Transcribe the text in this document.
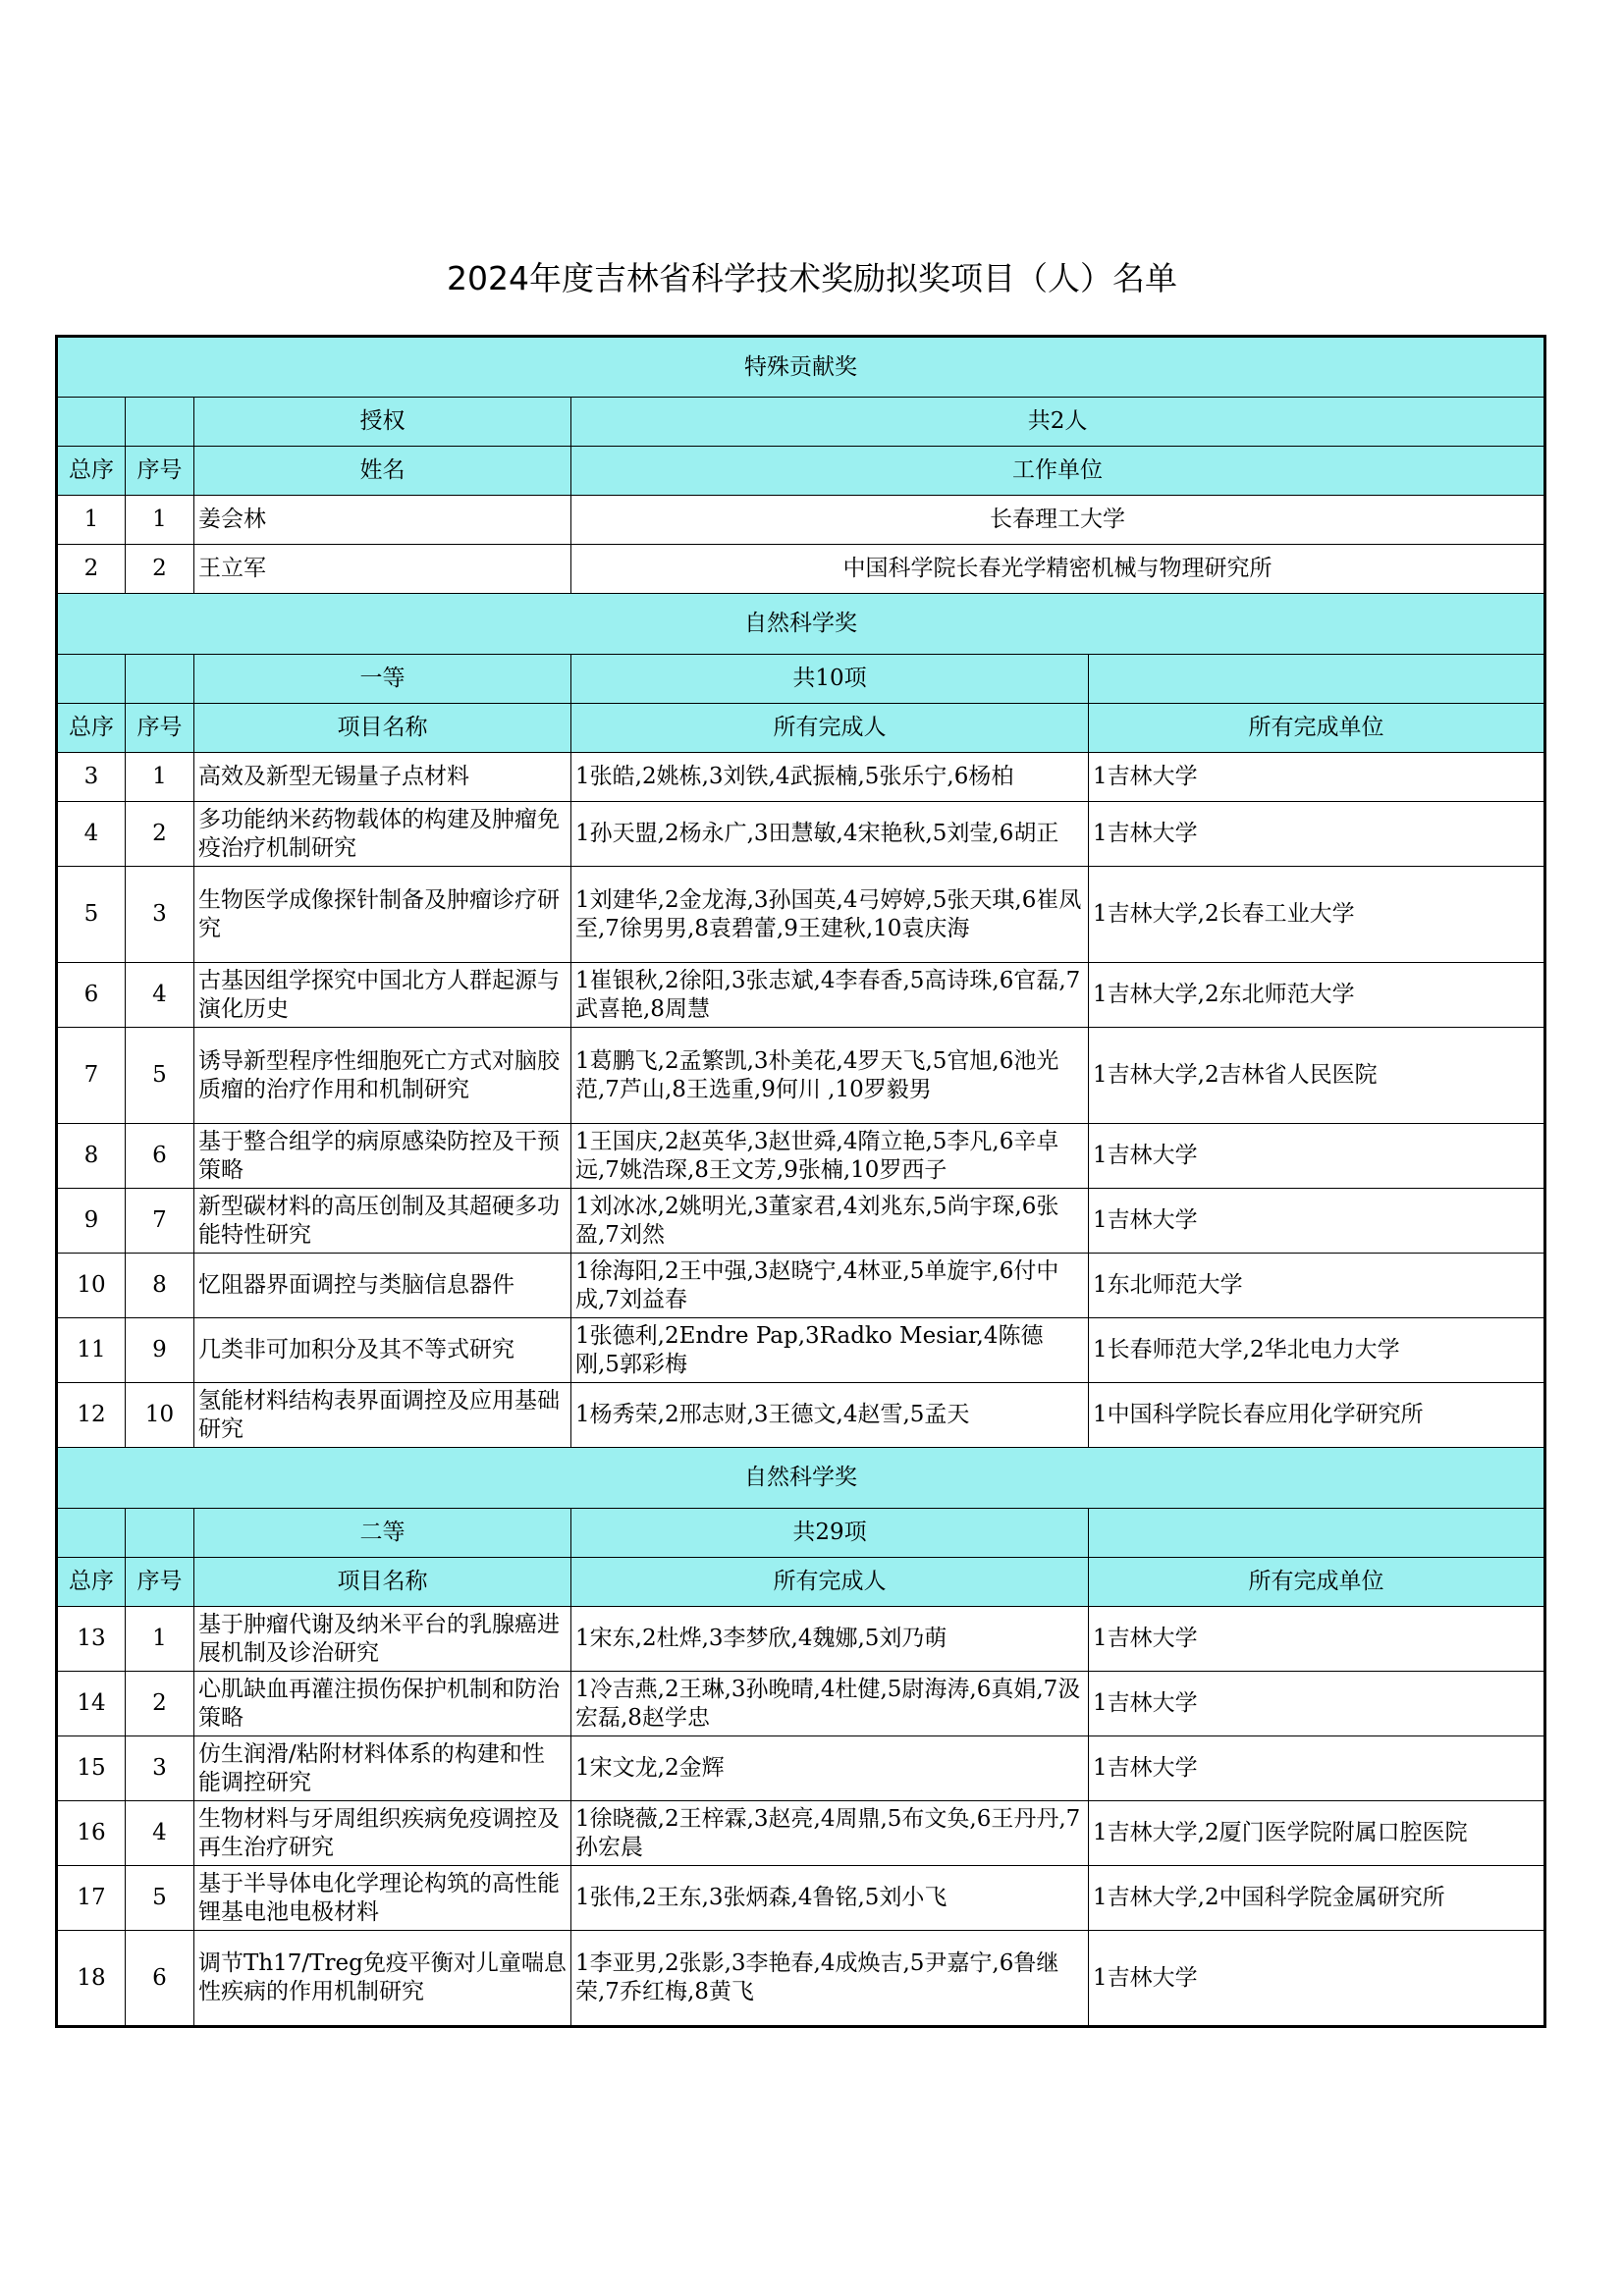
2024年度吉林省科学技术奖励拟奖项目（人）名单
特殊贡献奖				
		授权	共2人	
总序	序号	姓名	工作单位	
1	1	姜会林	长春理工大学	
2	2	王立军	中国科学院长春光学精密机械与物理研究所	
自然科学奖				
		一等	共10项	
总序	序号	项目名称	所有完成人	所有完成单位
3	1	高效及新型无锡量子点材料	1张皓,2姚栋,3刘铁,4武振楠,5张乐宁,6杨柏	1吉林大学
4	2	多功能纳米药物载体的构建及肿瘤免疫治疗机制研究	1孙天盟,2杨永广,3田慧敏,4宋艳秋,5刘莹,6胡正	1吉林大学
5	3	生物医学成像探针制备及肿瘤诊疗研究	1刘建华,2金龙海,3孙国英,4弓婷婷,5张天琪,6崔凤至,7徐男男,8袁碧蕾,9王建秋,10袁庆海	1吉林大学,2长春工业大学
6	4	古基因组学探究中国北方人群起源与演化历史	1崔银秋,2徐阳,3张志斌,4李春香,5高诗珠,6官磊,7武喜艳,8周慧	1吉林大学,2东北师范大学
7	5	诱导新型程序性细胞死亡方式对脑胶质瘤的治疗作用和机制研究	1葛鹏飞,2孟繁凯,3朴美花,4罗天飞,5官旭,6池光范,7芦山,8王选重,9何川 ,10罗毅男	1吉林大学,2吉林省人民医院
8	6	基于整合组学的病原感染防控及干预策略	1王国庆,2赵英华,3赵世舜,4隋立艳,5李凡,6辛卓远,7姚浩琛,8王文芳,9张楠,10罗西子	1吉林大学
9	7	新型碳材料的高压创制及其超硬多功能特性研究	1刘冰冰,2姚明光,3董家君,4刘兆东,5尚宇琛,6张盈,7刘然	1吉林大学
10	8	忆阻器界面调控与类脑信息器件	1徐海阳,2王中强,3赵晓宁,4林亚,5单旋宇,6付中成,7刘益春	1东北师范大学
11	9	几类非可加积分及其不等式研究	1张德利,2Endre Pap,3Radko Mesiar,4陈德刚,5郭彩梅	1长春师范大学,2华北电力大学
12	10	氢能材料结构表界面调控及应用基础研究	1杨秀荣,2邢志财,3王德文,4赵雪,5孟天	1中国科学院长春应用化学研究所
自然科学奖				
		二等	共29项	
总序	序号	项目名称	所有完成人	所有完成单位
13	1	基于肿瘤代谢及纳米平台的乳腺癌进展机制及诊治研究	1宋东,2杜烨,3李梦欣,4魏娜,5刘乃萌	1吉林大学
14	2	心肌缺血再灌注损伤保护机制和防治策略	1冷吉燕,2王琳,3孙晚晴,4杜健,5尉海涛,6真娟,7汲宏磊,8赵学忠	1吉林大学
15	3	仿生润滑/粘附材料体系的构建和性能调控研究	1宋文龙,2金辉	1吉林大学
16	4	生物材料与牙周组织疾病免疫调控及再生治疗研究	1徐晓薇,2王梓霖,3赵亮,4周鼎,5布文奂,6王丹丹,7孙宏晨	1吉林大学,2厦门医学院附属口腔医院
17	5	基于半导体电化学理论构筑的高性能锂基电池电极材料	1张伟,2王东,3张炳森,4鲁铭,5刘小飞	1吉林大学,2中国科学院金属研究所
18	6	调节Th17/Treg免疫平衡对儿童喘息性疾病的作用机制研究	1李亚男,2张影,3李艳春,4成焕吉,5尹嘉宁,6鲁继荣,7乔红梅,8黄飞	1吉林大学
